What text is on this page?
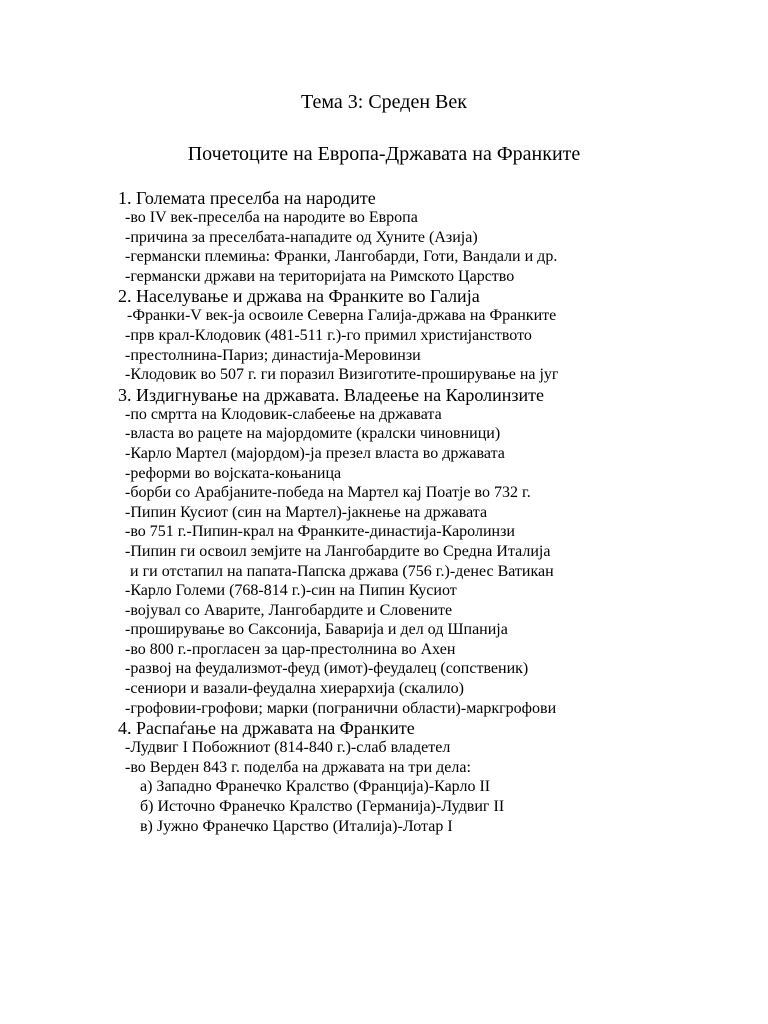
Тема 3: Среден Век
Почетоците на Европа-Државата на Франките
1. Големата преселба на народите
-во IV век-преселба на народите во Европа
-причина за преселбата-нападите од Хуните (Азија)
-германски племиња: Франки, Лангобарди, Готи, Вандали и др.
-германски држави на територијата на Римското Царство
2. Населување и држава на Франките во Галија
-Франки-V век-ја освоиле Северна Галија-држава на Франките
-прв крал-Клодовик (481-511 г.)-го примил христијанството
-престолнина-Париз; династија-Меровинзи
-Клодовик во 507 г. ги поразил Визиготите-проширување на југ
3. Издигнување на државата. Владеење на Каролинзите
-по смртта на Клодовик-слабеење на државата
-власта во рацете на мајордомите (кралски чиновници)
-Карло Мартел (мајордом)-ја презел власта во државата
-реформи во војската-коњаница
-борби со Арабјаните-победа на Мартел кај Поатје во 732 г.
-Пипин Кусиот (син на Мартел)-јакнење на државата
-во 751 г.-Пипин-крал на Франките-династија-Каролинзи
-Пипин ги освоил земјите на Лангобардите во Средна Италија
и ги отстапил на папата-Папска држава (756 г.)-денес Ватикан
-Карло Големи (768-814 г.)-син на Пипин Кусиот
-војувал со Аварите, Лангобардите и Словените
-проширување во Саксонија, Баварија и дел од Шпанија
-во 800 г.-прогласен за цар-престолнина во Ахен
-развој на феудализмот-феуд (имот)-феудалец (сопственик)
-сениори и вазали-феудална хиерархија (скалило)
-грофовии-грофови; марки (погранични области)-маркгрофови
4. Распаѓање на државата на Франките
-Лудвиг I Побожниот (814-840 г.)-слаб владетел
-во Верден 843 г. поделба на државата на три дела:
а) Западно Франечко Кралство (Франција)-Карло II
б) Источно Франечко Кралство (Германија)-Лудвиг II
в) Јужно Франечко Царство (Италија)-Лотар I
